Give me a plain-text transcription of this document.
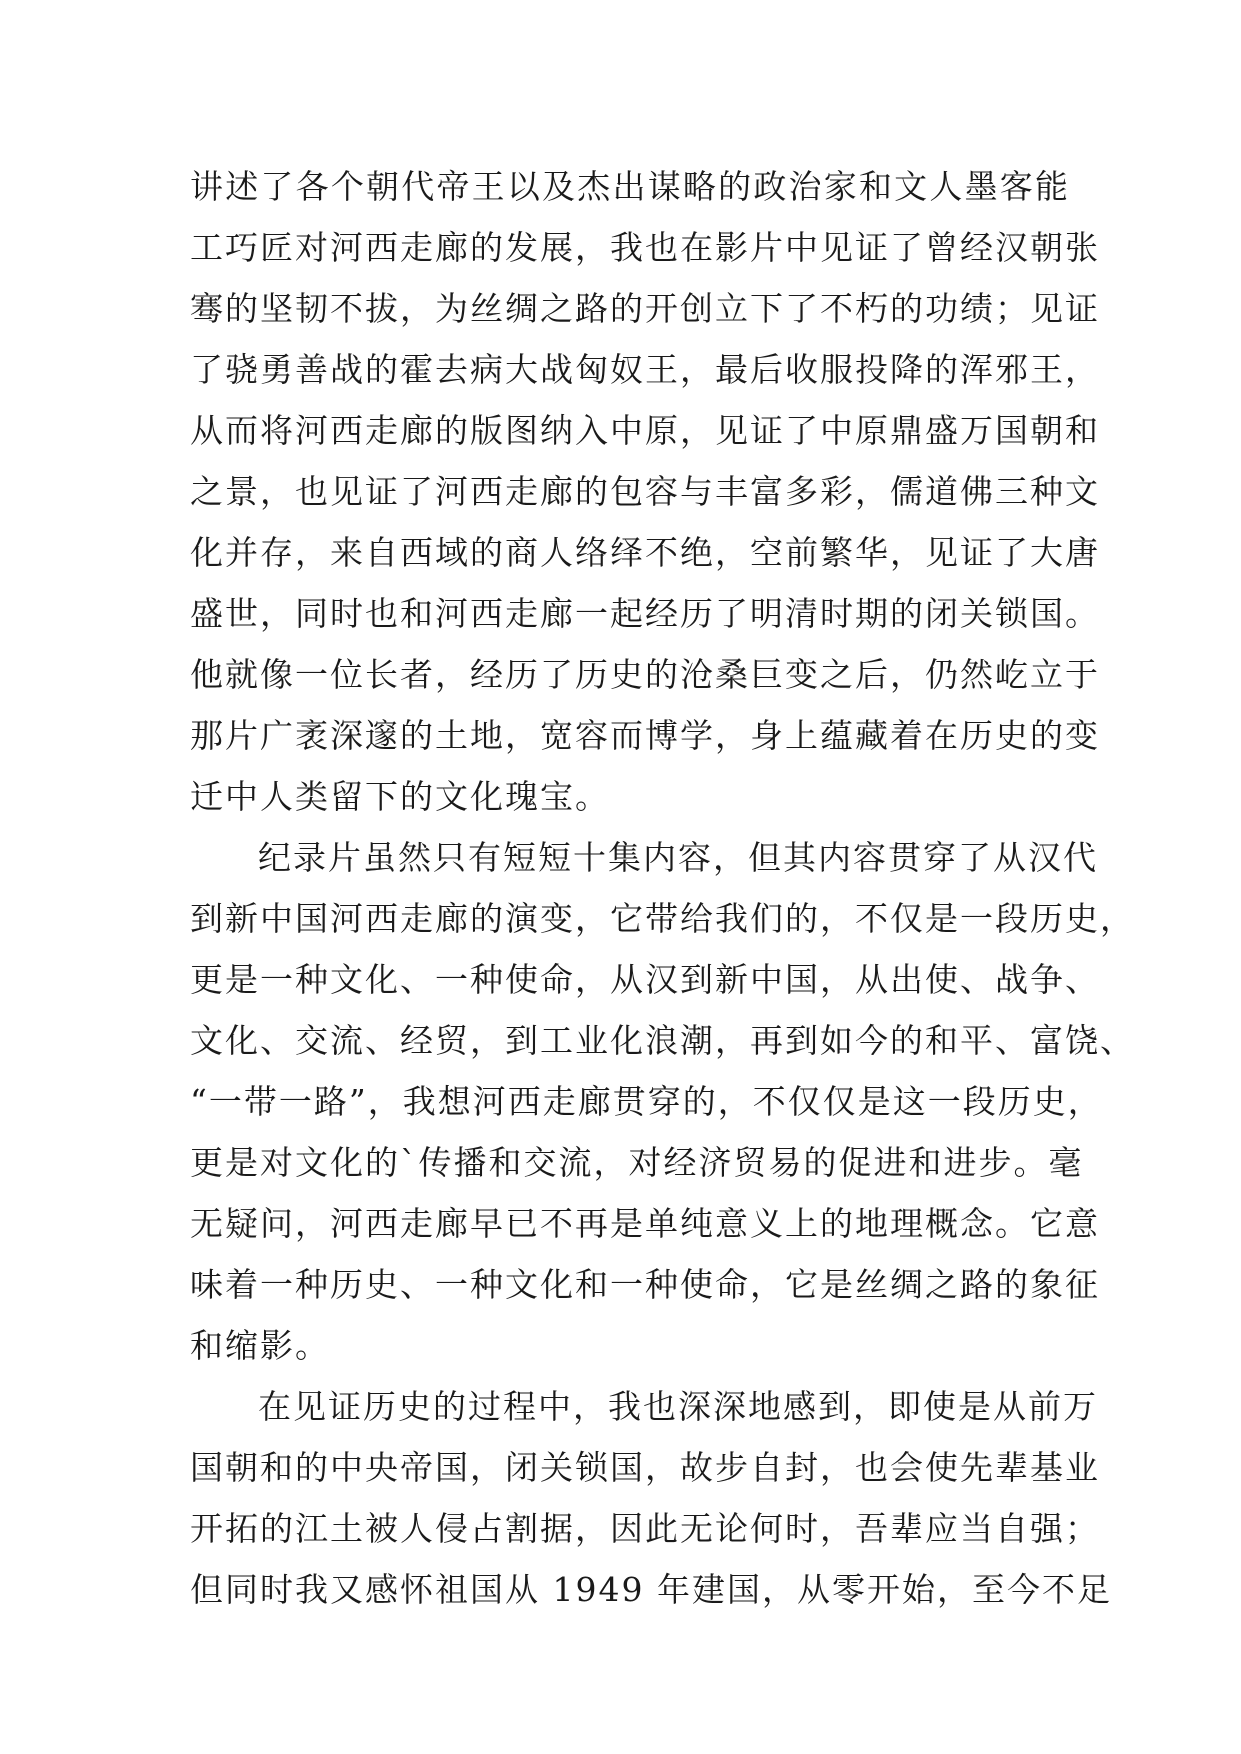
讲述了各个朝代帝王以及杰出谋略的政治家和文人墨客能
工巧匠对河西走廊的发展，我也在影片中见证了曾经汉朝张
骞的坚韧不拔，为丝绸之路的开创立下了不朽的功绩；见证
了骁勇善战的霍去病大战匈奴王，最后收服投降的浑邪王，
从而将河西走廊的版图纳入中原，见证了中原鼎盛万国朝和
之景，也见证了河西走廊的包容与丰富多彩，儒道佛三种文
化并存，来自西域的商人络绎不绝，空前繁华，见证了大唐
盛世，同时也和河西走廊一起经历了明清时期的闭关锁国。
他就像一位长者，经历了历史的沧桑巨变之后，仍然屹立于
那片广袤深邃的土地，宽容而博学，身上蕴藏着在历史的变
迁中人类留下的文化瑰宝。
纪录片虽然只有短短十集内容，但其内容贯穿了从汉代
到新中国河西走廊的演变，它带给我们的，不仅是一段历史，
更是一种文化、一种使命，从汉到新中国，从出使、战争、
文化、交流、经贸，到工业化浪潮，再到如今的和平、富饶、
“一带一路”，我想河西走廊贯穿的，不仅仅是这一段历史，
更是对文化的`传播和交流，对经济贸易的促进和进步。毫
无疑问，河西走廊早已不再是单纯意义上的地理概念。它意
味着一种历史、一种文化和一种使命，它是丝绸之路的象征
和缩影。
在见证历史的过程中，我也深深地感到，即使是从前万
国朝和的中央帝国，闭关锁国，故步自封，也会使先辈基业
开拓的江土被人侵占割据，因此无论何时，吾辈应当自强；
但同时我又感怀祖国从 1949 年建国，从零开始，至今不足
